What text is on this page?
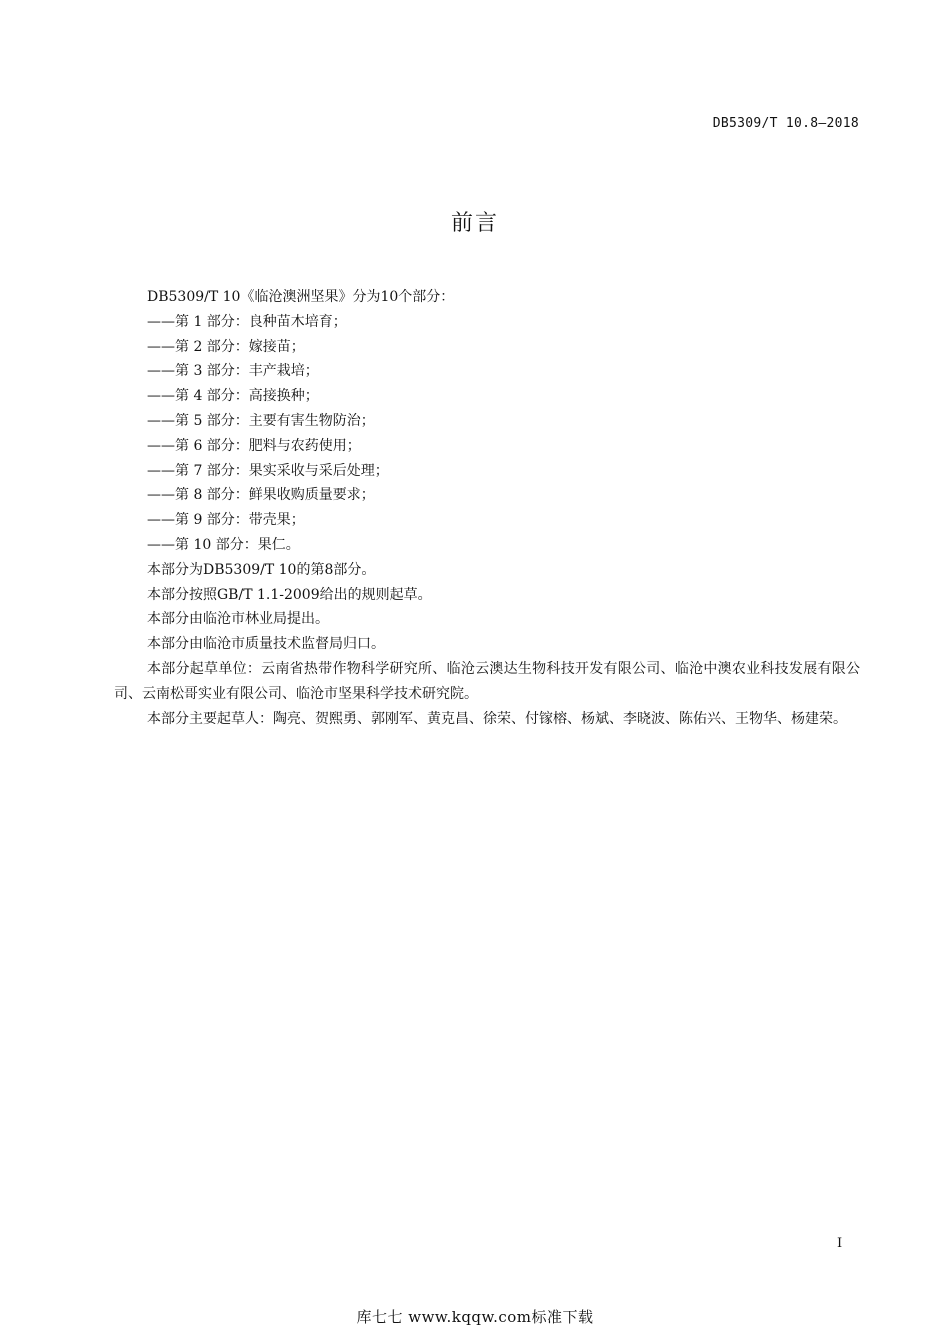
DB5309/T 10.8—2018
前言

DB5309/T 10《临沧澳洲坚果》分为10个部分：

——第 1 部分：良种苗木培育；

——第 2 部分：嫁接苗；

——第 3 部分：丰产栽培；

——第 4 部分：高接换种；

——第 5 部分：主要有害生物防治；

——第 6 部分：肥料与农药使用；

——第 7 部分：果实采收与采后处理；

——第 8 部分：鲜果收购质量要求；

——第 9 部分：带壳果；

——第 10 部分：果仁。

本部分为DB5309/T 10的第8部分。

本部分按照GB/T 1.1-2009给出的规则起草。

本部分由临沧市林业局提出。

本部分由临沧市质量技术监督局归口。

本部分起草单位：云南省热带作物科学研究所、临沧云澳达生物科技开发有限公司、临沧中澳农业科技发展有限公司、云南松哥实业有限公司、临沧市坚果科学技术研究院。

本部分主要起草人：陶亮、贺熙勇、郭刚军、黄克昌、徐荣、付镓榕、杨斌、李晓波、陈佑兴、王物华、杨建荣。

I
库七七 www.kqqw.com标准下载
